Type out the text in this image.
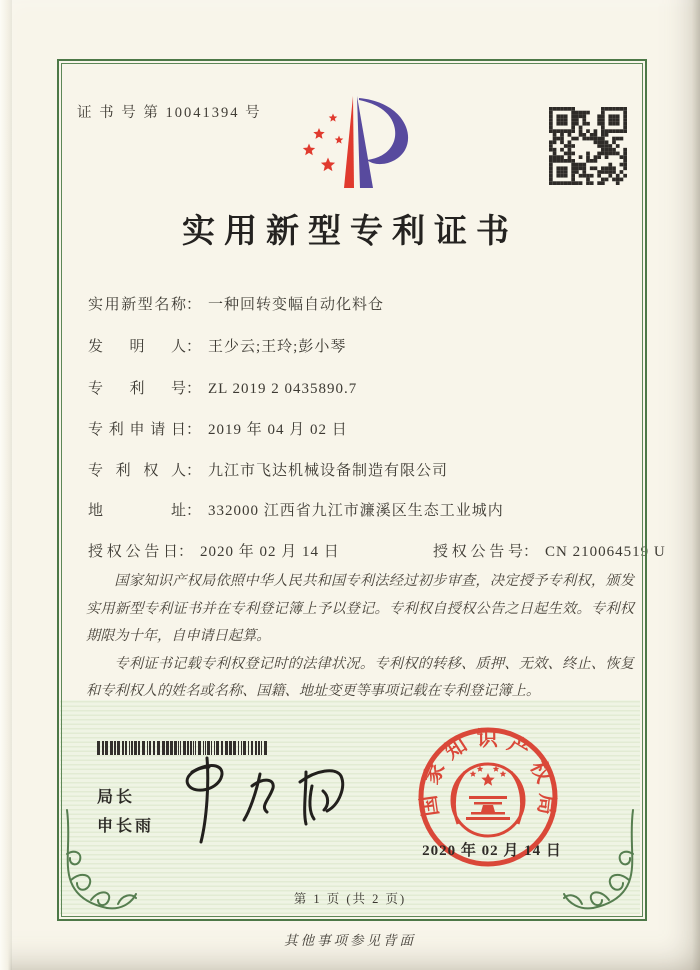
证 书 号 第 10041394 号
实用新型专利证书
实用新型名称： 一种回转变幅自动化料仓
发明人： 王少云;王玲;彭小琴
专利号： ZL 2019 2 0435890.7
专利申请日： 2019 年 04 月 02 日
专利权人： 九江市飞达机械设备制造有限公司
地址： 332000 江西省九江市濂溪区生态工业城内
授权公告日： 2020 年 02 月 14 日	授权公告号： CN 210064519 U

国家知识产权局依照中华人民共和国专利法经过初步审查，决定授予专利权，颁发实用新型专利证书并在专利登记簿上予以登记。专利权自授权公告之日起生效。专利权期限为十年，自申请日起算。

专利证书记载专利权登记时的法律状况。专利权的转移、质押、无效、终止、恢复和专利权人的姓名或名称、国籍、地址变更等事项记载在专利登记簿上。

局长
申长雨
国家知识产权局
2020 年 02 月 14 日
第 1 页 (共 2 页)
其他事项参见背面
